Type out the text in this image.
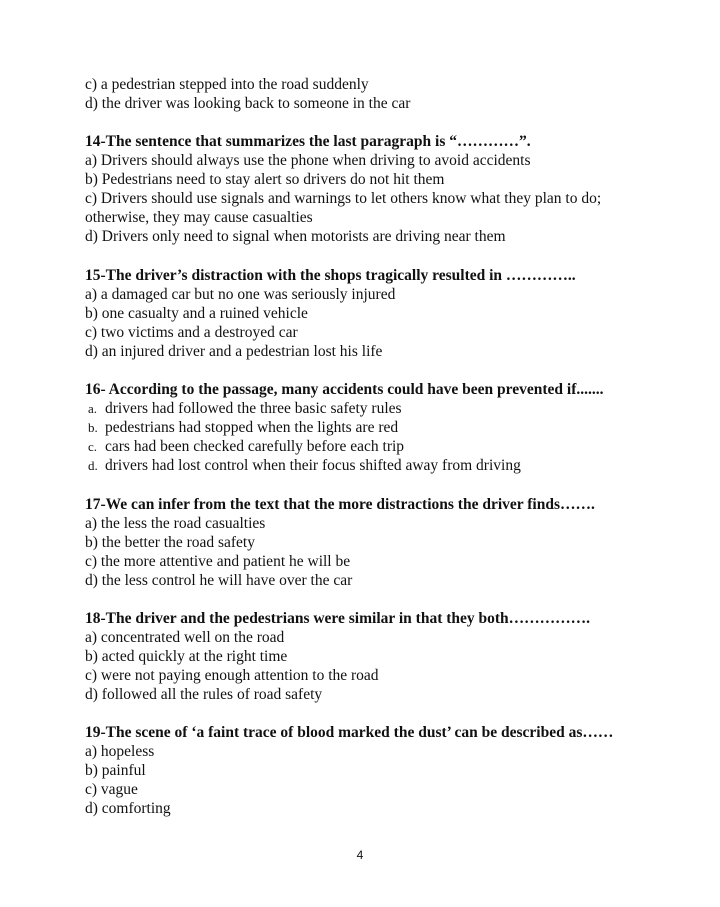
c) a pedestrian stepped into the road suddenly
d) the driver was looking back to someone in the car
14-The sentence that summarizes the last paragraph is “…………”.
a) Drivers should always use the phone when driving to avoid accidents
b) Pedestrians need to stay alert so drivers do not hit them
c) Drivers should use signals and warnings to let others know what they plan to do; otherwise, they may cause casualties
d) Drivers only need to signal when motorists are driving near them
15-The driver’s distraction with the shops tragically resulted in …………..
a) a damaged car but no one was seriously injured
b) one casualty and a ruined vehicle
c) two victims and a destroyed car
d) an injured driver and a pedestrian lost his life
16- According to the passage, many accidents could have been prevented if.......
a. drivers had followed the three basic safety rules
b. pedestrians had stopped when the lights are red
c. cars had been checked carefully before each trip
d. drivers had lost control when their focus shifted away from driving
17-We can infer from the text that the more distractions the driver finds…….
a) the less the road casualties
b) the better the road safety
c) the more attentive and patient he will be
d) the less control he will have over the car
18-The driver and the pedestrians were similar in that they both…………….
a) concentrated well on the road
b) acted quickly at the right time
c) were not paying enough attention to the road
d) followed all the rules of road safety
19-The scene of ‘a faint trace of blood marked the dust’ can be described as……
a) hopeless
b) painful
c) vague
d) comforting
4
